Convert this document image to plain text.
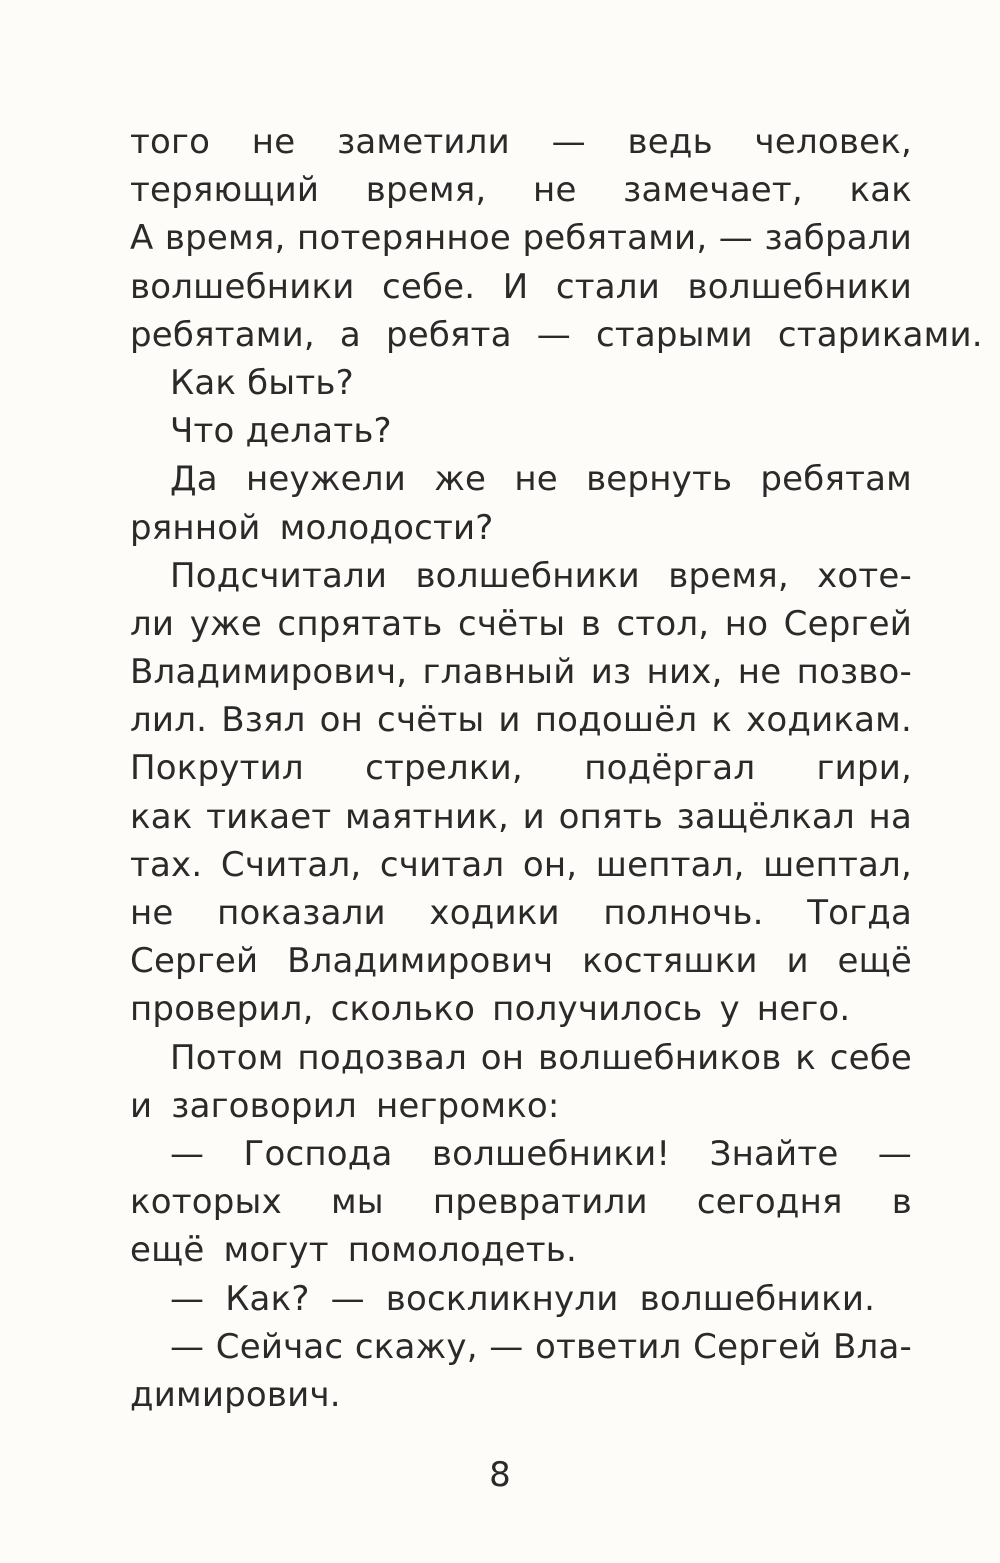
того не заметили — ведь человек,
теряющий время, не замечает, как
А время, потерянное ребятами, — забрали
волшебники себе. И стали волшебники
ребятами, а ребята — старыми стариками.
Как быть?
Что делать?
Да неужели же не вернуть ребятам
рянной молодости?
Подсчитали волшебники время, хоте-
ли уже спрятать счёты в стол, но Сергей
Владимирович, главный из них, не позво-
лил. Взял он счёты и подошёл к ходикам.
Покрутил стрелки, подёргал гири,
как тикает маятник, и опять защёлкал на
тах. Считал, считал он, шептал, шептал,
не показали ходики полночь. Тогда
Сергей Владимирович костяшки и ещё
проверил, сколько получилось у него.
Потом подозвал он волшебников к себе
и заговорил негромко:
— Господа волшебники! Знайте —
которых мы превратили сегодня в
ещё могут помолодеть.
— Как? — воскликнули волшебники.
— Сейчас скажу, — ответил Сергей Вла-
димирович.
8
